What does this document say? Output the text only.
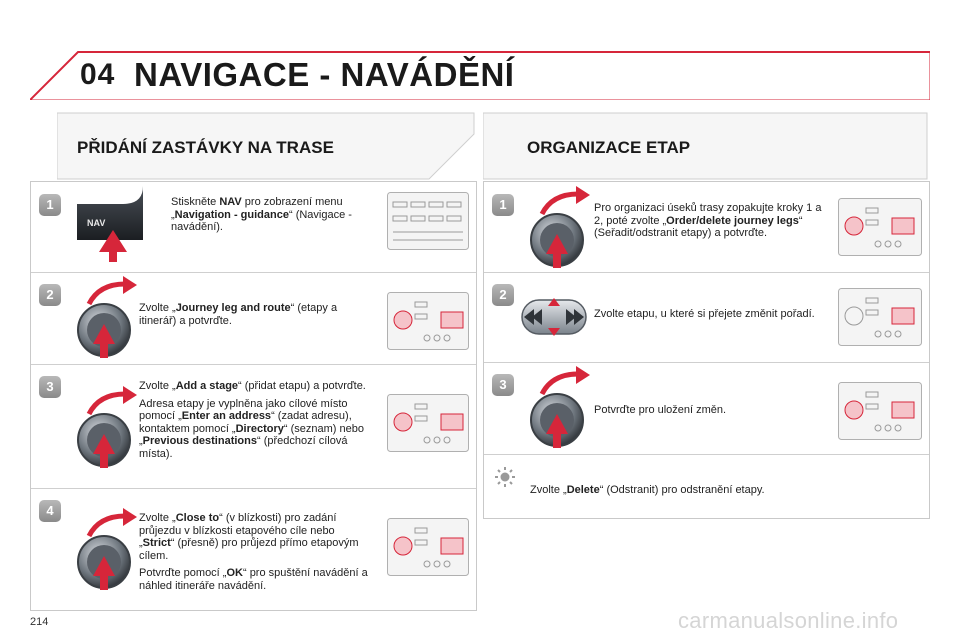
04 NAVIGACE - NAVÁDĚNÍ
PŘIDÁNÍ ZASTÁVKY NA TRASE	ORGANIZACE ETAP
1
NAV

Stiskněte NAV pro zobrazení menu „Navigation - guidance“ (Navigace - navádění).

2

Zvolte „Journey leg and route“ (etapy a itinerář) a potvrďte.

3	Zvolte „Add a stage“ (přidat etapu) a potvrďte.

Adresa etapy je vyplněna jako cílové místo pomocí „Enter an address“ (zadat adresu), kontaktem pomocí „Directory“ (seznam) nebo „Previous destinations“ (předchozí cílová místa).

4	Zvolte „Close to“ (v blízkosti) pro zadání průjezdu v blízkosti etapového cíle nebo „Strict“ (přesně) pro průjezd přímo etapovým cílem.

Potvrďte pomocí „OK“ pro spuštění navádění a náhled itineráře navádění.

1	Pro organizaci úseků trasy zopakujte kroky 1 a 2, poté zvolte „Order/delete journey legs“ (Seřadit/odstranit etapy) a potvrďte.

2

Zvolte etapu, u které si přejete změnit pořadí.

3

Potvrďte pro uložení změn.

Zvolte „Delete“ (Odstranit) pro odstranění etapy.

214	carmanualsonline.info
